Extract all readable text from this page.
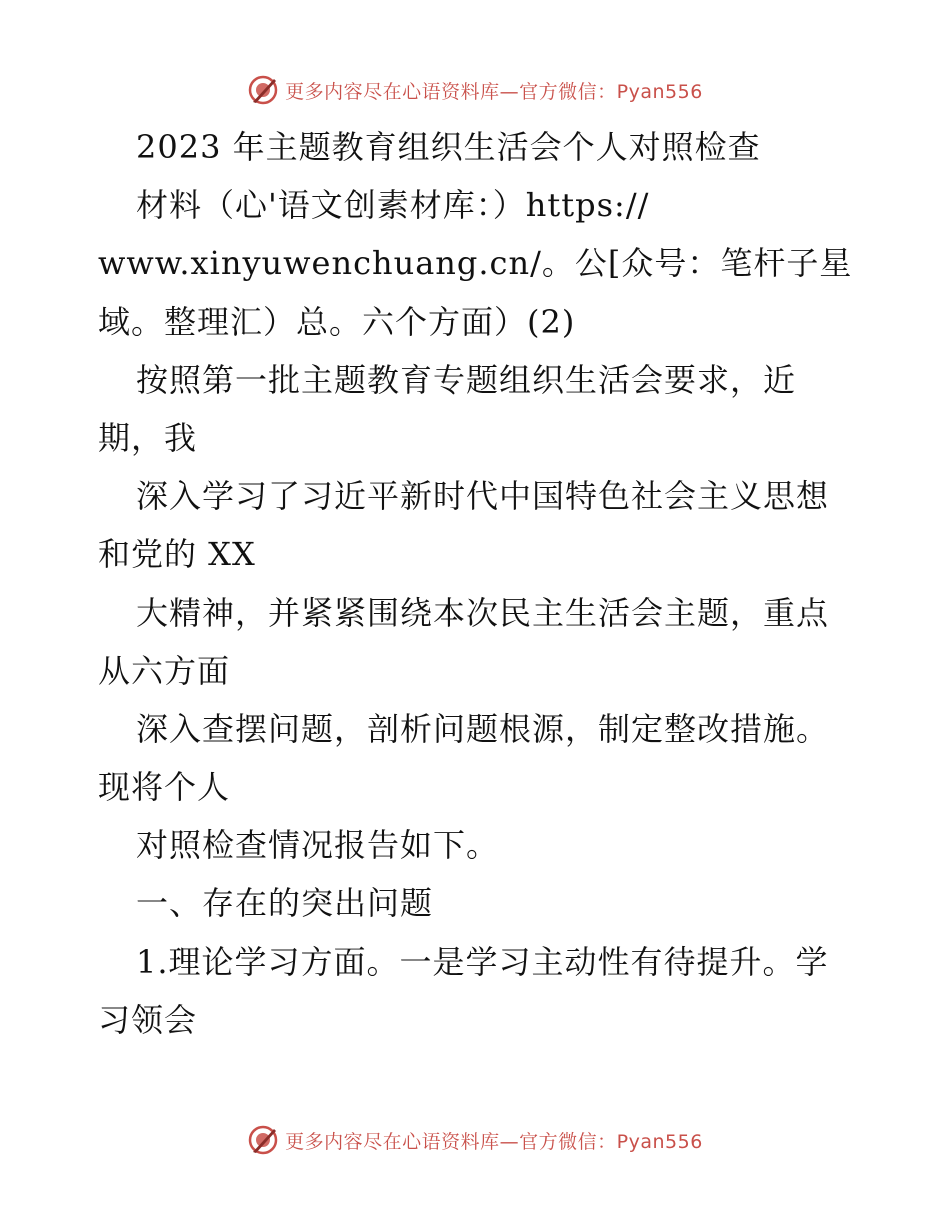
更多内容尽在心语资料库—官方微信：Pyan556
2023 年主题教育组织生活会个人对照检查
材料（心'语文创素材库：）https://
www.xinyuwenchuang.cn/。公[众号：笔杆子星
域。整理汇）总。六个方面）(2)
按照第一批主题教育专题组织生活会要求，近
期，我
深入学习了习近平新时代中国特色社会主义思想
和党的 XX
大精神，并紧紧围绕本次民主生活会主题，重点
从六方面
深入查摆问题，剖析问题根源，制定整改措施。
现将个人
对照检查情况报告如下。
一、存在的突出问题
1.理论学习方面。一是学习主动性有待提升。学
习领会
更多内容尽在心语资料库—官方微信：Pyan556
